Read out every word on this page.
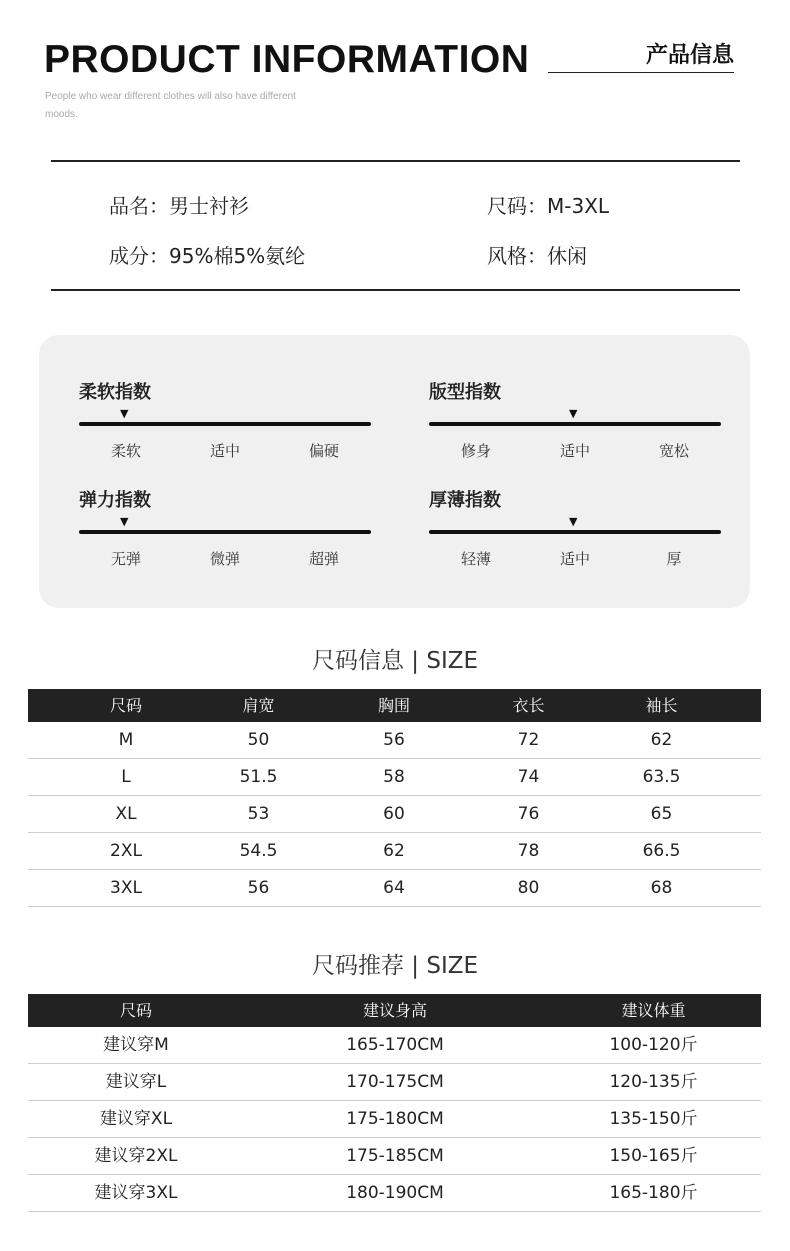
PRODUCT INFORMATION	产品信息
People who wear different clothes will also have different moods.
品名：男士衬衫	尺码：M-3XL
成分：95%棉5%氨纶	风格：休闲
柔软指数
▼
柔软	适中	偏硬
版型指数
▼
修身	适中	宽松
弹力指数
▼
无弹	微弹	超弹
厚薄指数
▼
轻薄	适中	厚
尺码信息 | SIZE
尺码	肩宽	胸围	衣长	袖长
M	50	56	72	62
L	51.5	58	74	63.5
XL	53	60	76	65
2XL	54.5	62	78	66.5
3XL	56	64	80	68
尺码推荐 | SIZE
尺码	建议身高	建议体重
建议穿M	165-170CM	100-120斤
建议穿L	170-175CM	120-135斤
建议穿XL	175-180CM	135-150斤
建议穿2XL	175-185CM	150-165斤
建议穿3XL	180-190CM	165-180斤
